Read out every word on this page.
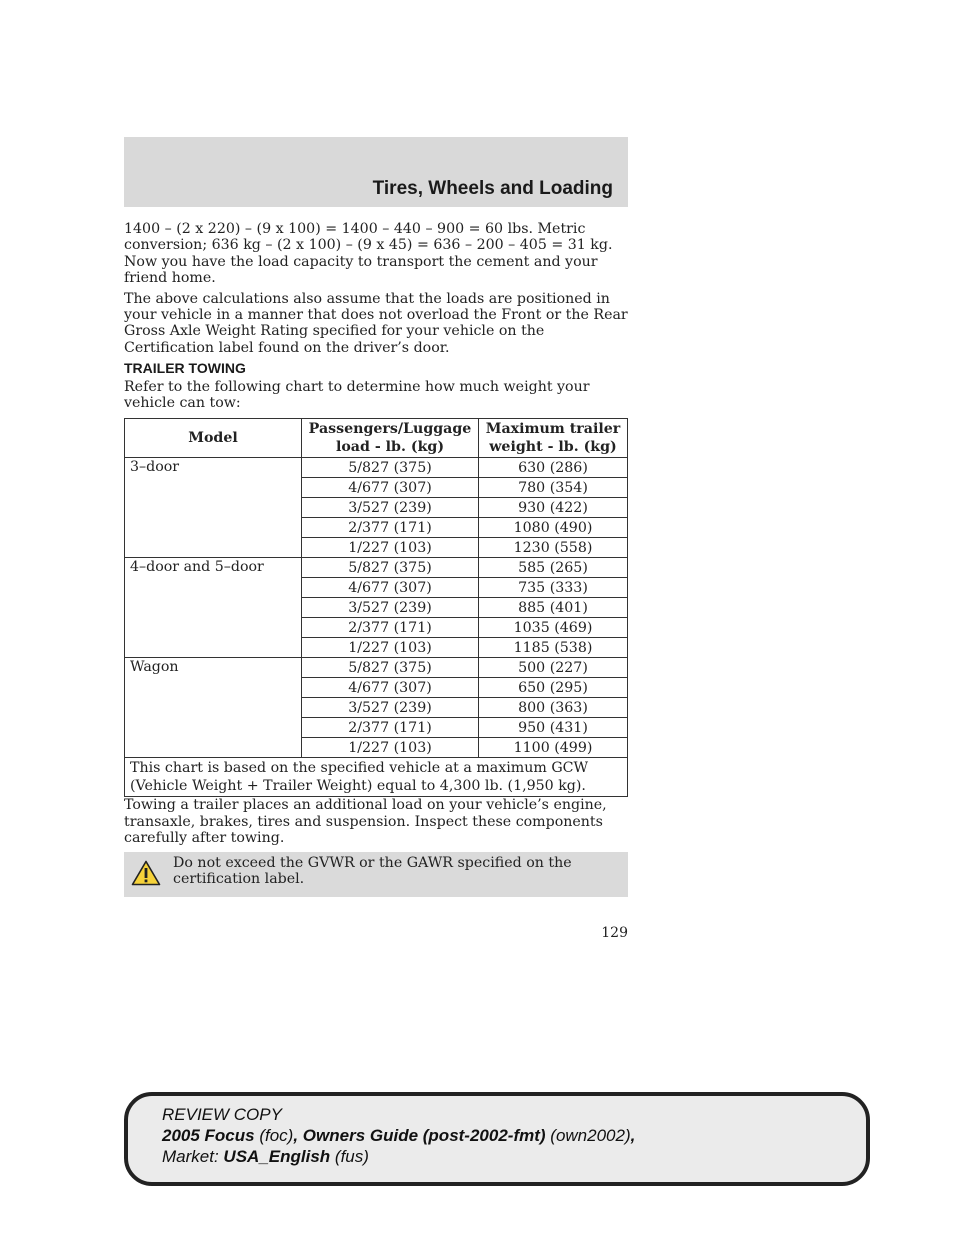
Tires, Wheels and Loading

1400 – (2 x 220) – (9 x 100) = 1400 – 440 – 900 = 60 lbs. Metric conversion; 636 kg – (2 x 100) – (9 x 45) = 636 – 200 – 405 = 31 kg. Now you have the load capacity to transport the cement and your friend home.

The above calculations also assume that the loads are positioned in your vehicle in a manner that does not overload the Front or the Rear Gross Axle Weight Rating specified for your vehicle on the Certification label found on the driver’s door.

TRAILER TOWING

Refer to the following chart to determine how much weight your vehicle can tow:

Model	Passengers/Luggage load - lb. (kg)	Maximum trailer weight - lb. (kg)
3–door	5/827 (375)	630 (286)
	4/677 (307)	780 (354)
	3/527 (239)	930 (422)
	2/377 (171)	1080 (490)
	1/227 (103)	1230 (558)
4–door and 5–door	5/827 (375)	585 (265)
	4/677 (307)	735 (333)
	3/527 (239)	885 (401)
	2/377 (171)	1035 (469)
	1/227 (103)	1185 (538)
Wagon	5/827 (375)	500 (227)
	4/677 (307)	650 (295)
	3/527 (239)	800 (363)
	2/377 (171)	950 (431)
	1/227 (103)	1100 (499)
This chart is based on the specified vehicle at a maximum GCW (Vehicle Weight + Trailer Weight) equal to 4,300 lb. (1,950 kg).		

Towing a trailer places an additional load on your vehicle’s engine, transaxle, brakes, tires and suspension. Inspect these components carefully after towing.

Do not exceed the GVWR or the GAWR specified on the certification label.
129
REVIEW COPY
2005 Focus (foc), Owners Guide (post-2002-fmt) (own2002),
Market: USA_English (fus)
